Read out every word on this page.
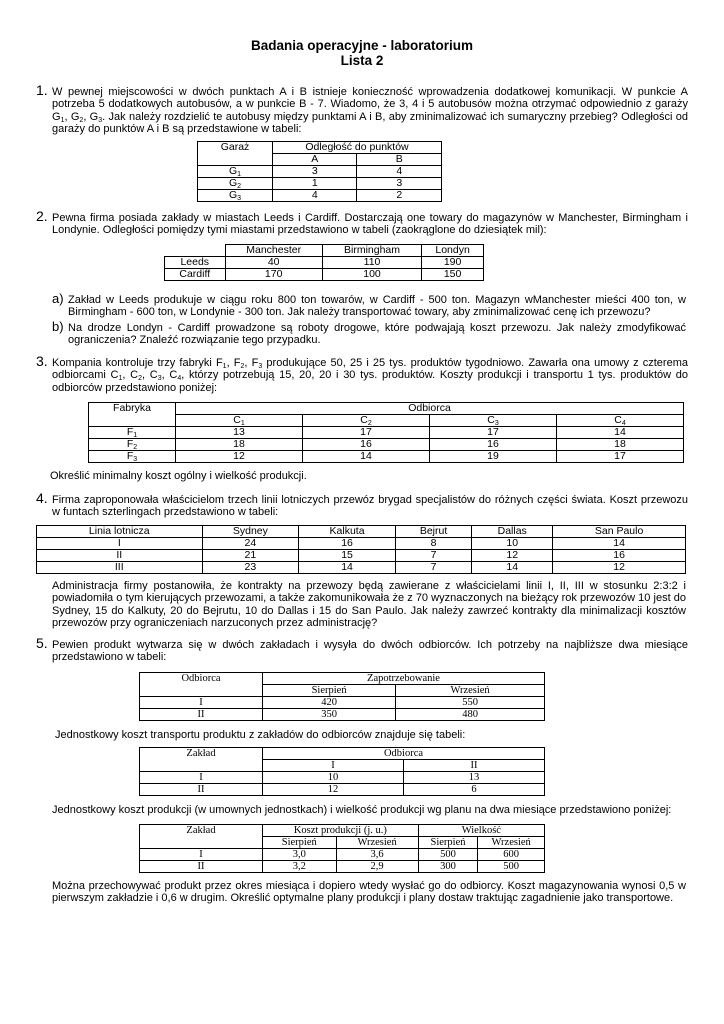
Badania operacyjne - laboratorium
Lista 2
1. W pewnej miejscowości w dwóch punktach A i B istnieje konieczność wprowadzenia dodatkowej komunikacji. W punkcie A potrzeba 5 dodatkowych autobusów, a w punkcie B - 7. Wiadomo, że 3, 4 i 5 autobusów można otrzymać odpowiednio z garaży $G_1$, $G_2$, $G_3$. Jak należy rozdzielić te autobusy między punktami A i B, aby zminimalizować ich sumaryczny przebieg? Odległości od garaży do punktów A i B są przedstawione w tabeli:
Garaż	Odległość do punktów	
	A	B
$G_1$	3	4
$G_2$	1	3
$G_3$	4	2
2. Pewna firma posiada zakłady w miastach Leeds i Cardiff. Dostarczają one towary do magazynów w Manchester, Birmingham i Londynie. Odległości pomiędzy tymi miastami przedstawiono w tabeli (zaokrąglone do dziesiątek mil):
	Manchester	Birmingham	Londyn
Leeds	40	110	190
Cardiff	170	100	150
a) Zakład w Leeds produkuje w ciągu roku 800 ton towarów, w Cardiff - 500 ton. Magazyn wManchester mieści 400 ton, w Birmingham - 600 ton, w Londynie - 300 ton. Jak należy transportować towary, aby zminimalizować cenę ich przewozu?
b) Na drodze Londyn - Cardiff prowadzone są roboty drogowe, które podwajają koszt przewozu. Jak należy zmodyfikować ograniczenia? Znaleźć rozwiązanie tego przypadku.
3. Kompania kontroluje trzy fabryki $F_1$, $F_2$, $F_3$ produkujące 50, 25 i 25 tys. produktów tygodniowo. Zawarła ona umowy z czterema odbiorcami $C_1$, $C_2$, $C_3$, $C_4$, którzy potrzebują 15, 20, 20 i 30 tys. produktów. Koszty produkcji i transportu 1 tys. produktów do odbiorców przedstawiono poniżej:
Fabryka	Odbiorca			
	$C_1$	$C_2$	$C_3$	$C_4$
$F_1$	13	17	17	14
$F_2$	18	16	16	18
$F_3$	12	14	19	17
Określić minimalny koszt ogólny i wielkość produkcji.
4. Firma zaproponowała właścicielom trzech linii lotniczych przewóz brygad specjalistów do różnych części świata. Koszt przewozu w funtach szterlingach przedstawiono w tabeli:
Linia lotnicza	Sydney	Kalkuta	Bejrut	Dallas	San Paulo
I	24	16	8	10	14
II	21	15	7	12	16
III	23	14	7	14	12
Administracja firmy postanowiła, że kontrakty na przewozy będą zawierane z właścicielami linii I, II, III w stosunku 2:3:2 i powiadomiła o tym kierujących przewozami, a także zakomunikowała że z 70 wyznaczonych na bieżący rok przewozów 10 jest do Sydney, 15 do Kalkuty, 20 do Bejrutu, 10 do Dallas i 15 do San Paulo. Jak należy zawrzeć kontrakty dla minimalizacji kosztów przewozów przy ograniczeniach narzuconych przez administrację?
5. Pewien produkt wytwarza się w dwóch zakładach i wysyła do dwóch odbiorców. Ich potrzeby na najbliższe dwa miesiące przedstawiono w tabeli:
Odbiorca	Zapotrzebowanie	
	Sierpień	Wrzesień
I	420	550
II	350	480
Jednostkowy koszt transportu produktu z zakładów do odbiorców znajduje się tabeli:
Zakład	Odbiorca	
	I	II
I	10	13
II	12	6
Jednostkowy koszt produkcji (w umownych jednostkach) i wielkość produkcji wg planu na dwa miesiące przedstawiono poniżej:
Zakład	Koszt produkcji (j. u.)		Wielkość	
	Sierpień	Wrzesień	Sierpień	Wrzesień
I	3,0	3,6	500	600
II	3,2	2,9	300	500
Można przechowywać produkt przez okres miesiąca i dopiero wtedy wysłać go do odbiorcy. Koszt magazynowania wynosi 0,5 w pierwszym zakładzie i 0,6 w drugim. Określić optymalne plany produkcji i plany dostaw traktując zagadnienie jako transportowe.
